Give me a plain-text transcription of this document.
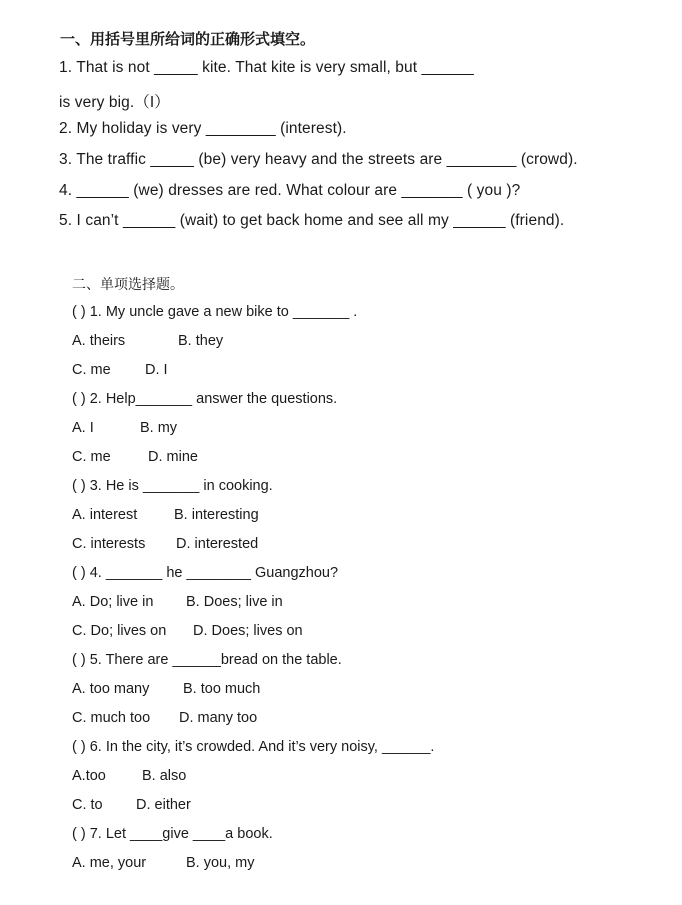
一、用括号里所给词的正确形式填空。
1. That is not _____ kite. That kite is very small, but ______
is very big.（I）
2. My holiday is very ________ (interest).
3. The traffic _____ (be) very heavy and the streets are ________ (crowd).
4. ______ (we) dresses are red. What colour are _______ ( you )?
5. I can’t ______ (wait) to get back home and see all my ______ (friend).
二、单项选择题。
( ) 1. My uncle gave a new bike to _______ .
A. theirs	B. they
C. me D. I
( ) 2. Help_______ answer the questions.
A. I	B. my
C. me	D. mine
( ) 3. He is _______ in cooking.
A. interest	B. interesting
C. interests D. interested
( ) 4. _______ he ________ Guangzhou?
A. Do; live in B. Does; live in
C. Do; lives on D. Does; lives on
( ) 5. There are ______bread on the table.
A. too many B. too much
C. much too D. many too
( ) 6. In the city, it’s crowded. And it’s very noisy, ______.
A.too B. also
C. to D. either
( ) 7. Let ____give ____a book.
A. me, your	B. you, my
